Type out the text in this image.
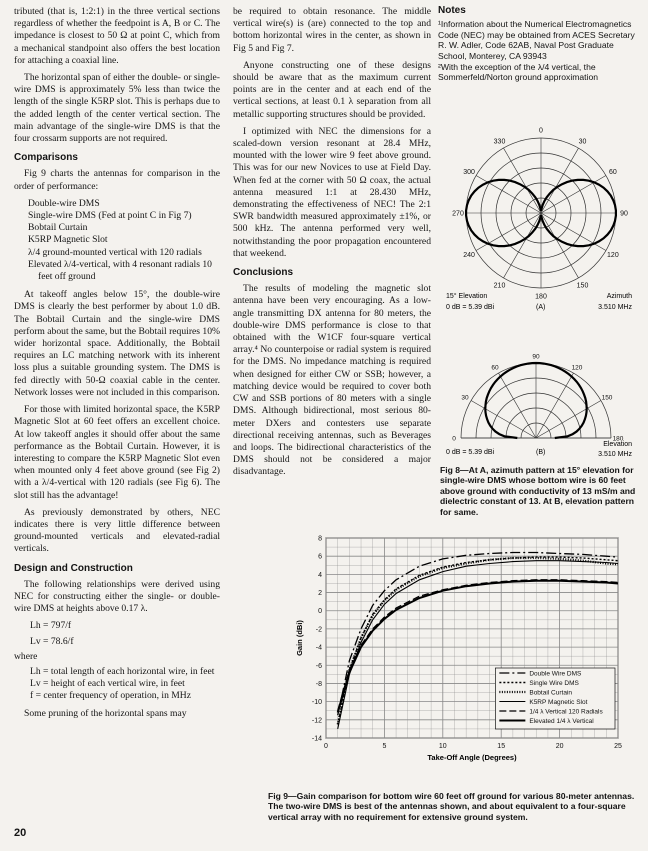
tributed (that is, 1:2:1) in the three vertical sections regardless of whether the feedpoint is A, B or C. The impedance is closest to 50 Ω at point C, which from a mechanical standpoint also offers the best location for attaching a coaxial line.

The horizontal span of either the double- or single-wire DMS is approximately 5% less than twice the length of the single K5RP slot. This is perhaps due to the added length of the center vertical section. The main advantage of the single-wire DMS is that the four crossarm supports are not required.

Comparisons

Fig 9 charts the antennas for comparison in the order of performance:

Double-wire DMS
Single-wire DMS (Fed at point C in Fig 7)
Bobtail Curtain
K5RP Magnetic Slot
λ/4 ground-mounted vertical with 120 radials
Elevated λ/4-vertical, with 4 resonant radials 10 feet off ground

At takeoff angles below 15°, the double-wire DMS is clearly the best performer by about 1.0 dB. The Bobtail Curtain and the single-wire DMS perform about the same, but the Bobtail requires 10% wider horizontal space. Additionally, the Bobtail requires an LC matching network with its inherent loss plus a suitable grounding system. The DMS is fed directly with 50-Ω coaxial cable in the center. Network losses were not included in this comparison.

For those with limited horizontal space, the K5RP Magnetic Slot at 60 feet offers an excellent choice. At low takeoff angles it should offer about the same performance as the Bobtail Curtain. However, it is interesting to compare the K5RP Magnetic Slot even when mounted only 4 feet above ground (see Fig 2) with a λ/4-vertical with 120 radials (see Fig 6). The slot still has the advantage!

As previously demonstrated by others, NEC indicates there is very little difference between ground-mounted verticals and elevated-radial verticals.

Design and Construction

The following relationships were derived using NEC for constructing either the single- or double-wire DMS at heights above 0.17 λ.

Lh = 797/f
Lv = 78.6/f
where
Lh = total length of each horizontal wire, in feet
Lv = height of each vertical wire, in feet
f = center frequency of operation, in MHz

Some pruning of the horizontal spans may

be required to obtain resonance. The middle vertical wire(s) is (are) connected to the top and bottom horizontal wires in the center, as shown in Fig 5 and Fig 7.

Anyone constructing one of these designs should be aware that as the maximum current points are in the center and at each end of the vertical sections, at least 0.1 λ separation from all metallic supporting structures should be provided.

I optimized with NEC the dimensions for a scaled-down version resonant at 28.4 MHz, mounted with the lower wire 9 feet above ground. This was for our new Novices to use at Field Day. When fed at the corner with 50 Ω coax, the actual antenna measured 1:1 at 28.430 MHz, demonstrating the effectiveness of NEC! The 2:1 SWR bandwidth measured approximately ±1%, or 500 kHz. The antenna performed very well, notwithstanding the poor propagation encountered that weekend.

Conclusions

The results of modeling the magnetic slot antenna have been very encouraging. As a low-angle transmitting DX antenna for 80 meters, the double-wire DMS performance is close to that obtained with the W1CF four-square vertical array.⁴ No counterpoise or radial system is required for the DMS. No impedance matching is required when designed for either CW or SSB; however, a matching device would be required to cover both CW and SSB portions of 80 meters with a single DMS. Although bidirectional, most serious 80-meter DXers and contesters use separate directional receiving antennas, such as Beverages and loops. The bidirectional characteristics of the DMS should not be considered a major disadvantage.

Notes
¹Information about the Numerical Electromagnetics Code (NEC) may be obtained from ACES Secretary R. W. Adler, Code 62AB, Naval Post Graduate School, Monterey, CA 93943
²With the exception of the λ/4 vertical, the Sommerfeld/Norton ground approximation
0
30
60
90
120
150
180
210
240
270
300
330
15° Elevation
0 dB = 5.39 dBi	(A)
Azimuth
3.510 MHz
0
30
60
90
120
150
180
0 dB = 5.39 dBi	(B)
Elevation
3.510 MHz
Fig 8—At A, azimuth pattern at 15° elevation for single-wire DMS whose bottom wire is 60 feet above ground with conductivity of 13 mS/m and dielectric constant of 13. At B, elevation pattern for same.
0	5	10	15	20	25
8
6
4
2
0
-2
-4
-6
-8
-10
-12
-14
Double Wire DMS
Single Wire DMS
Bobtail Curtain
K5RP Magnetic Slot
1/4 λ Vertical 120 Radials
Elevated 1/4 λ Vertical
Take-Off Angle (Degrees)
Gain (dBi)
Fig 9—Gain comparison for bottom wire 60 feet off ground for various 80-meter antennas. The two-wire DMS is best of the antennas shown, and about equivalent to a four-square vertical array with no requirement for extensive ground system.
20
